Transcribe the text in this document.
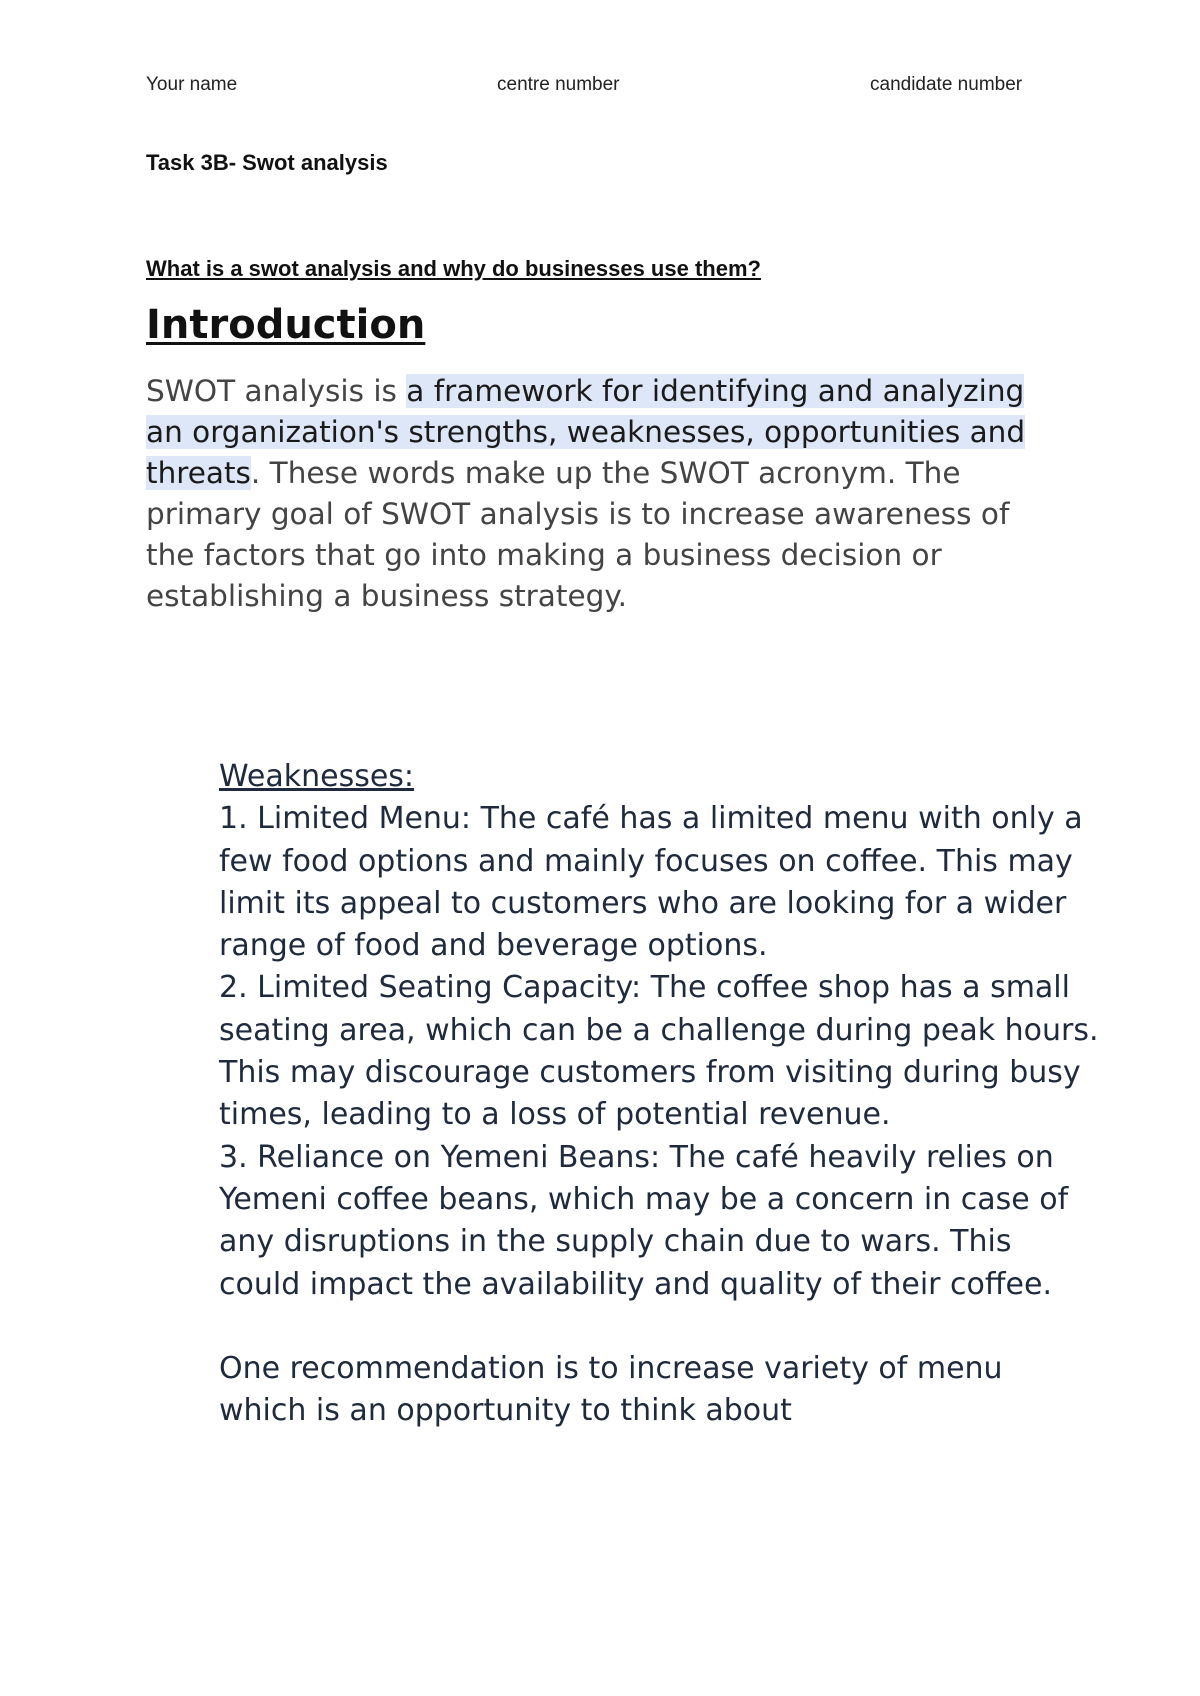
Your name	centre number	candidate number
Task 3B- Swot analysis
What is a swot analysis and why do businesses use them?
Introduction

SWOT analysis is a framework for identifying and analyzing an organization's strengths, weaknesses, opportunities and threats. These words make up the SWOT acronym. The primary goal of SWOT analysis is to increase awareness of the factors that go into making a business decision or establishing a business strategy.

Weaknesses:

1. Limited Menu: The café has a limited menu with only a few food options and mainly focuses on coffee. This may limit its appeal to customers who are looking for a wider range of food and beverage options.

2. Limited Seating Capacity: The coffee shop has a small seating area, which can be a challenge during peak hours. This may discourage customers from visiting during busy times, leading to a loss of potential revenue.

3. Reliance on Yemeni Beans: The café heavily relies on Yemeni coffee beans, which may be a concern in case of any disruptions in the supply chain due to wars. This could impact the availability and quality of their coffee.

One recommendation is to increase variety of menu which is an opportunity to think about
